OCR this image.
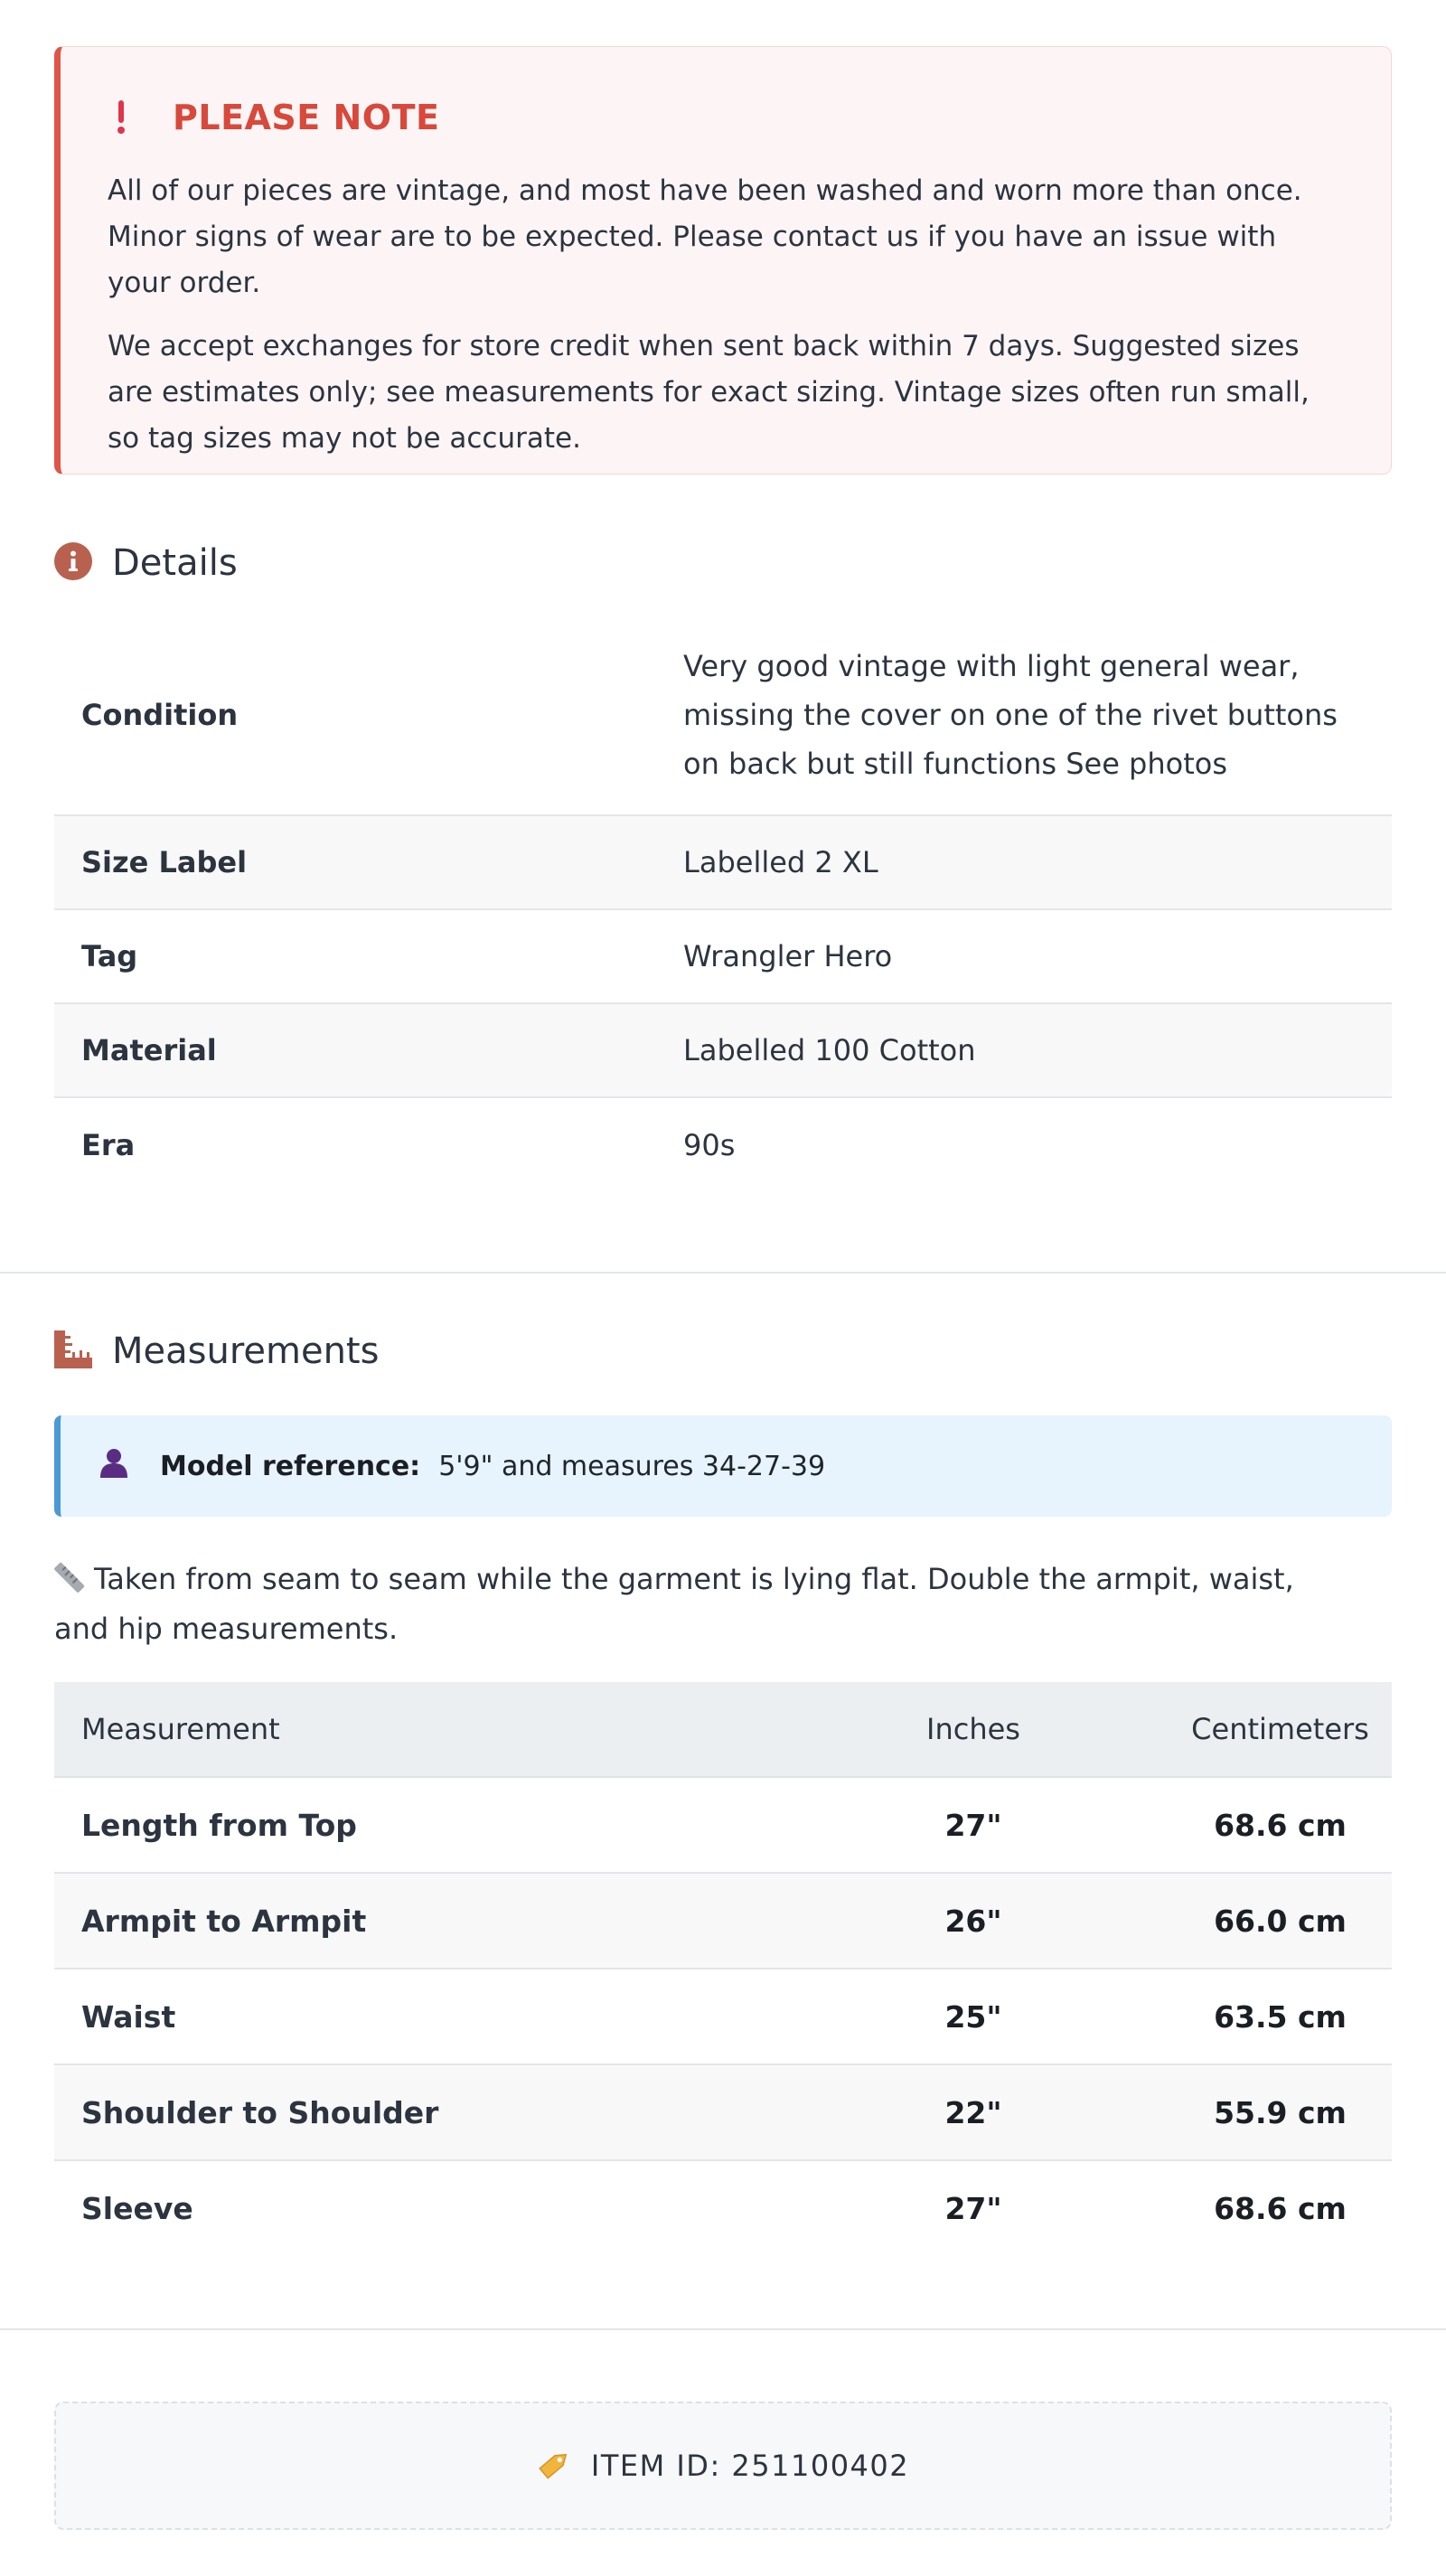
PLEASE NOTE

All of our pieces are vintage, and most have been washed and worn more than once. Minor signs of wear are to be expected. Please contact us if you have an issue with your order.

We accept exchanges for store credit when sent back within 7 days. Suggested sizes are estimates only; see measurements for exact sizing. Vintage sizes often run small, so tag sizes may not be accurate.

Details
Condition	Very good vintage with light general wear, missing the cover on one of the rivet buttons on back but still functions See photos
Size Label	Labelled 2 XL
Tag	Wrangler Hero
Material	Labelled 100 Cotton
Era	90s
Measurements
Model reference: 5'9" and measures 34-27-39
Taken from seam to seam while the garment is lying flat. Double the armpit, waist, and hip measurements.
Measurement	Inches	Centimeters
Length from Top	27"	68.6 cm
Armpit to Armpit	26"	66.0 cm
Waist	25"	63.5 cm
Shoulder to Shoulder	22"	55.9 cm
Sleeve	27"	68.6 cm
ITEM ID: 251100402
